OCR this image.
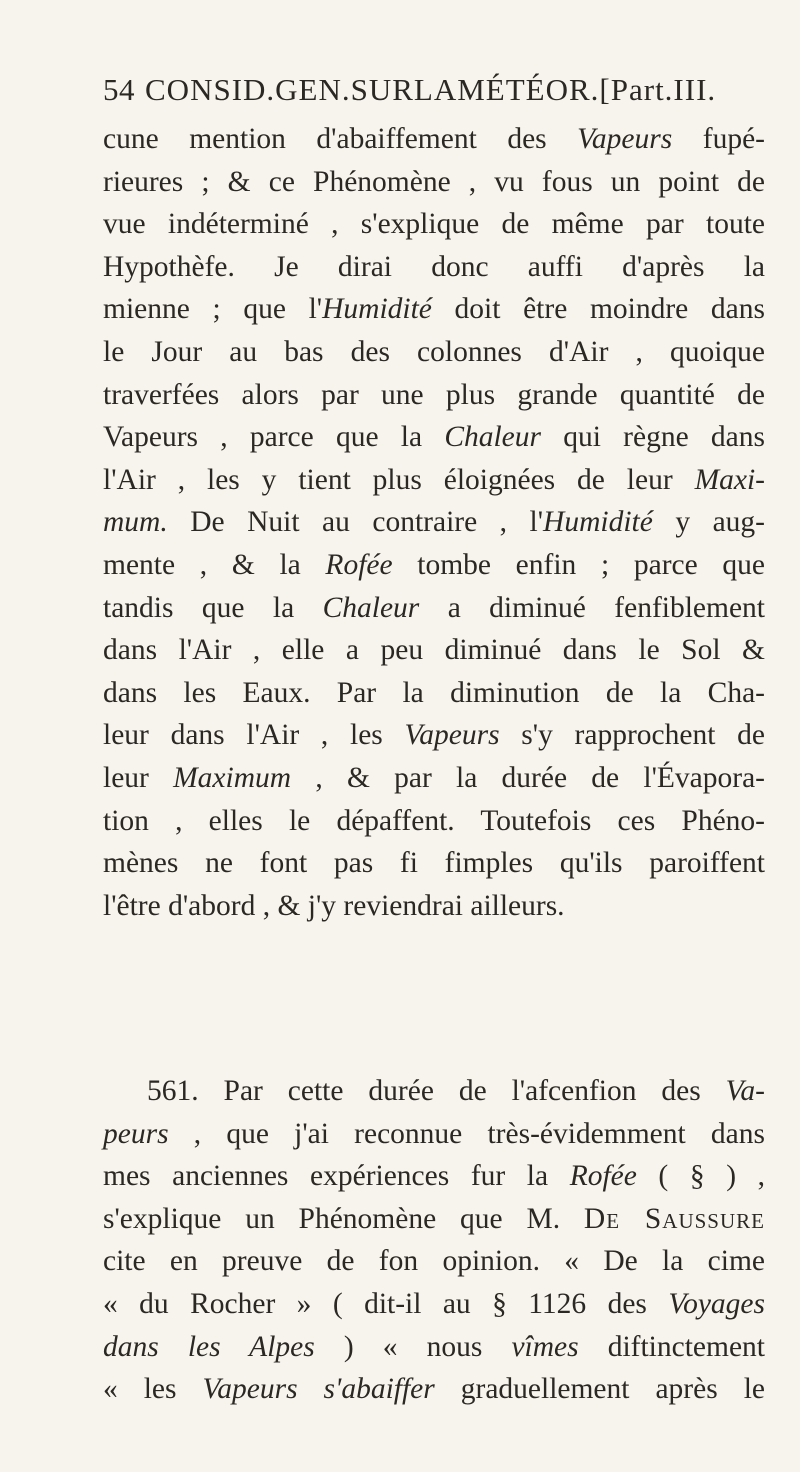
54 CONSID.GEN.SURLAMÉTÉOR.[Part.III.
cune mention d'abaiffement des Vapeurs fupé-
rieures ; & ce Phénomène , vu fous un point de
vue indéterminé , s'explique de même par toute
Hypothèfe. Je dirai donc auffi d'après la
mienne ; que l'Humidité doit être moindre dans
le Jour au bas des colonnes d'Air , quoique
traverfées alors par une plus grande quantité de
Vapeurs , parce que la Chaleur qui règne dans
l'Air , les y tient plus éloignées de leur Maxi-
mum. De Nuit au contraire , l'Humidité y aug-
mente , & la Rofée tombe enfin ; parce que
tandis que la Chaleur a diminué fenfiblement
dans l'Air , elle a peu diminué dans le Sol &
dans les Eaux. Par la diminution de la Cha-
leur dans l'Air , les Vapeurs s'y rapprochent de
leur Maximum , & par la durée de l'Évapora-
tion , elles le dépaffent. Toutefois ces Phéno-
mènes ne font pas fi fimples qu'ils paroiffent
l'être d'abord , & j'y reviendrai ailleurs.
561. Par cette durée de l'afcenfion des Va-
peurs , que j'ai reconnue très-évidemment dans
mes anciennes expériences fur la Rofée ( § ) ,
s'explique un Phénomène que M. De Saussure
cite en preuve de fon opinion. « De la cime
« du Rocher » ( dit-il au § 1126 des Voyages
dans les Alpes ) « nous vîmes diftinctement
« les Vapeurs s'abaiffer graduellement après le
